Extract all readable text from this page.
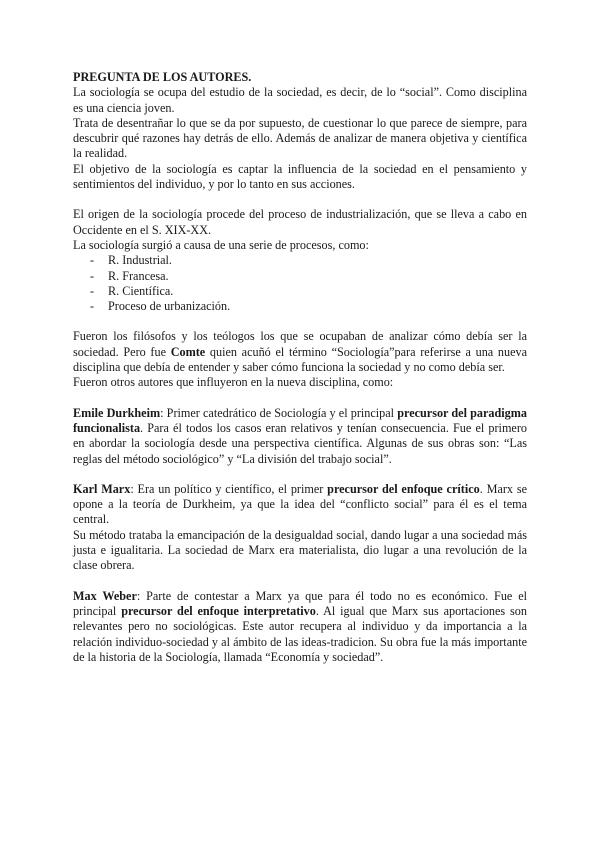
PREGUNTA DE LOS AUTORES.

La sociología se ocupa del estudio de la sociedad, es decir, de lo “social”. Como disciplina es una ciencia joven.

Trata de desentrañar lo que se da por supuesto, de cuestionar lo que parece de siempre, para descubrir qué razones hay detrás de ello. Además de analizar de manera objetiva y científica la realidad.

El objetivo de la sociología es captar la influencia de la sociedad en el pensamiento y sentimientos del individuo, y por lo tanto en sus acciones.

El origen de la sociología procede del proceso de industrialización, que se lleva a cabo en Occidente en el S. XIX-XX.

La sociología surgió a causa de una serie de procesos, como:

- R. Industrial.
- R. Francesa.
- R. Científica.
- Proceso de urbanización.

Fueron los filósofos y los teólogos los que se ocupaban de analizar cómo debía ser la sociedad. Pero fue Comte quien acuñó el término “Sociología”para referirse a una nueva disciplina que debía de entender y saber cómo funciona la sociedad y no como debía ser.

Fueron otros autores que influyeron en la nueva disciplina, como:

Emile Durkheim: Primer catedrático de Sociología y el principal precursor del paradigma funcionalista. Para él todos los casos eran relativos y tenían consecuencia. Fue el primero en abordar la sociología desde una perspectiva científica. Algunas de sus obras son: “Las reglas del método sociológico” y “La división del trabajo social”.

Karl Marx: Era un político y científico, el primer precursor del enfoque crítico. Marx se opone a la teoría de Durkheim, ya que la idea del “conflicto social” para él es el tema central.

Su método trataba la emancipación de la desigualdad social, dando lugar a una sociedad más justa e igualitaria. La sociedad de Marx era materialista, dio lugar a una revolución de la clase obrera.

Max Weber: Parte de contestar a Marx ya que para él todo no es económico. Fue el principal precursor del enfoque interpretativo. Al igual que Marx sus aportaciones son relevantes pero no sociológicas. Este autor recupera al individuo y da importancia a la relación individuo-sociedad y al ámbito de las ideas-tradicion. Su obra fue la más importante de la historia de la Sociología, llamada “Economía y sociedad”.
